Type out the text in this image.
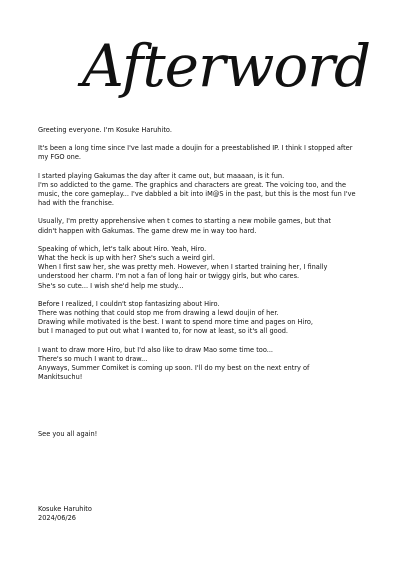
Afterword
Greeting everyone. I'm Kosuke Haruhito.
It's been a long time since I've last made a doujin for a preestablished IP. I think I stopped after
my FGO one.
I started playing Gakumas the day after it came out, but maaaan, is it fun.
I'm so addicted to the game. The graphics and characters are great. The voicing too, and the
music, the core gameplay... I've dabbled a bit into iM@S in the past, but this is the most fun I've
had with the franchise.
Usually, I'm pretty apprehensive when t comes to starting a new mobile games, but that
didn't happen with Gakumas. The game drew me in way too hard.
Speaking of which, let's talk about Hiro. Yeah, Hiro.
What the heck is up with her? She's such a weird girl.
When I first saw her, she was pretty meh. However, when I started training her, I finally
understood her charm. I'm not a fan of long hair or twiggy girls, but who cares.
She's so cute... I wish she'd help me study...
Before I realized, I couldn't stop fantasizing about Hiro.
There was nothing that could stop me from drawing a lewd doujin of her.
Drawing while motivated is the best. I want to spend more time and pages on Hiro,
but I managed to put out what I wanted to, for now at least, so it's all good.
I want to draw more Hiro, but I'd also like to draw Mao some time too...
There's so much I want to draw...
Anyways, Summer Comiket is coming up soon. I'll do my best on the next entry of
Mankitsuchu!
See you all again!
Kosuke Haruhito
2024/06/26
